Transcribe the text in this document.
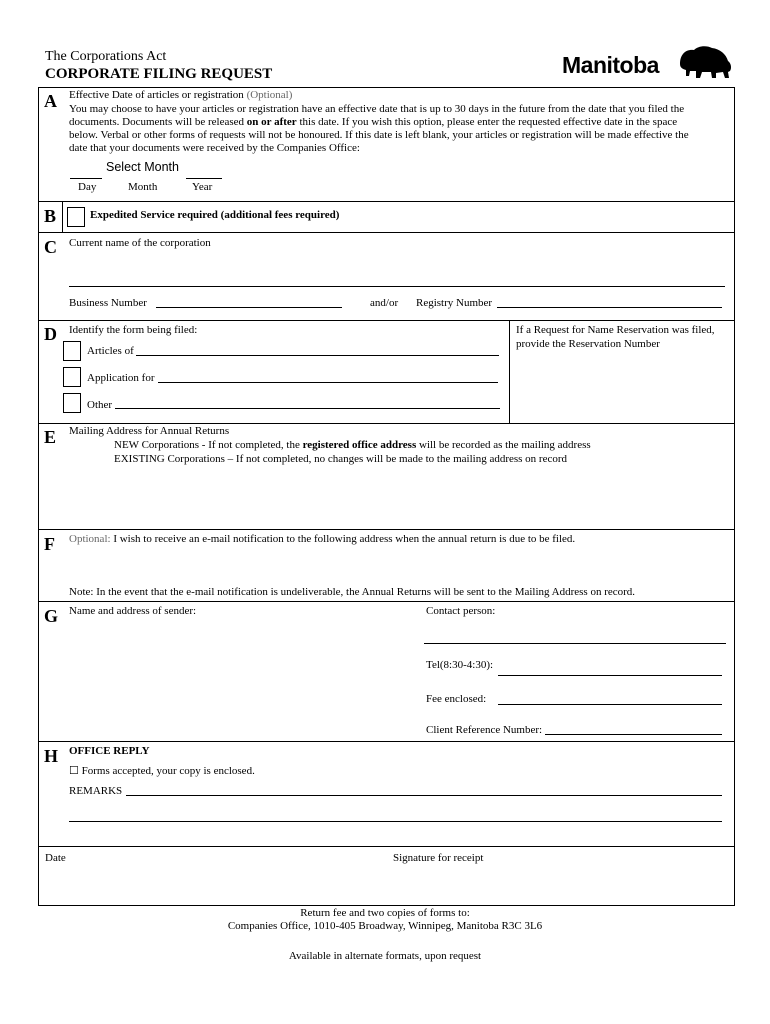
The Corporations Act
CORPORATE FILING REQUEST	Manitoba
A Effective Date of articles or registration (Optional)
You may choose to have your articles or registration have an effective date that is up to 30 days in the future from the date that you filed the
documents. Documents will be released on or after this date. If you wish this option, please enter the requested effective date in the space
below. Verbal or other forms of requests will not be honoured. If this date is left blank, your articles or registration will be made effective the
date that your documents were received by the Companies Office:
Select Month
Day	Month	Year
B	Expedited Service required (additional fees required)
C Current name of the corporation
Business Number	and/or Registry Number
D Identify the form being filed:
Articles of
Application for
Other
If a Request for Name Reservation was filed,
provide the Reservation Number
E Mailing Address for Annual Returns
NEW Corporations - If not completed, the registered office address will be recorded as the mailing address
EXISTING Corporations – If not completed, no changes will be made to the mailing address on record
F Optional: I wish to receive an e-mail notification to the following address when the annual return is due to be filed.
Note: In the event that the e-mail notification is undeliverable, the Annual Returns will be sent to the Mailing Address on record.
G Name and address of sender:	Contact person:
Tel(8:30-4:30):
Fee enclosed:
Client Reference Number:
H OFFICE REPLY
☐ Forms accepted, your copy is enclosed.
REMARKS
Date	Signature for receipt
Return fee and two copies of forms to:
Companies Office, 1010-405 Broadway, Winnipeg, Manitoba R3C 3L6
Available in alternate formats, upon request
